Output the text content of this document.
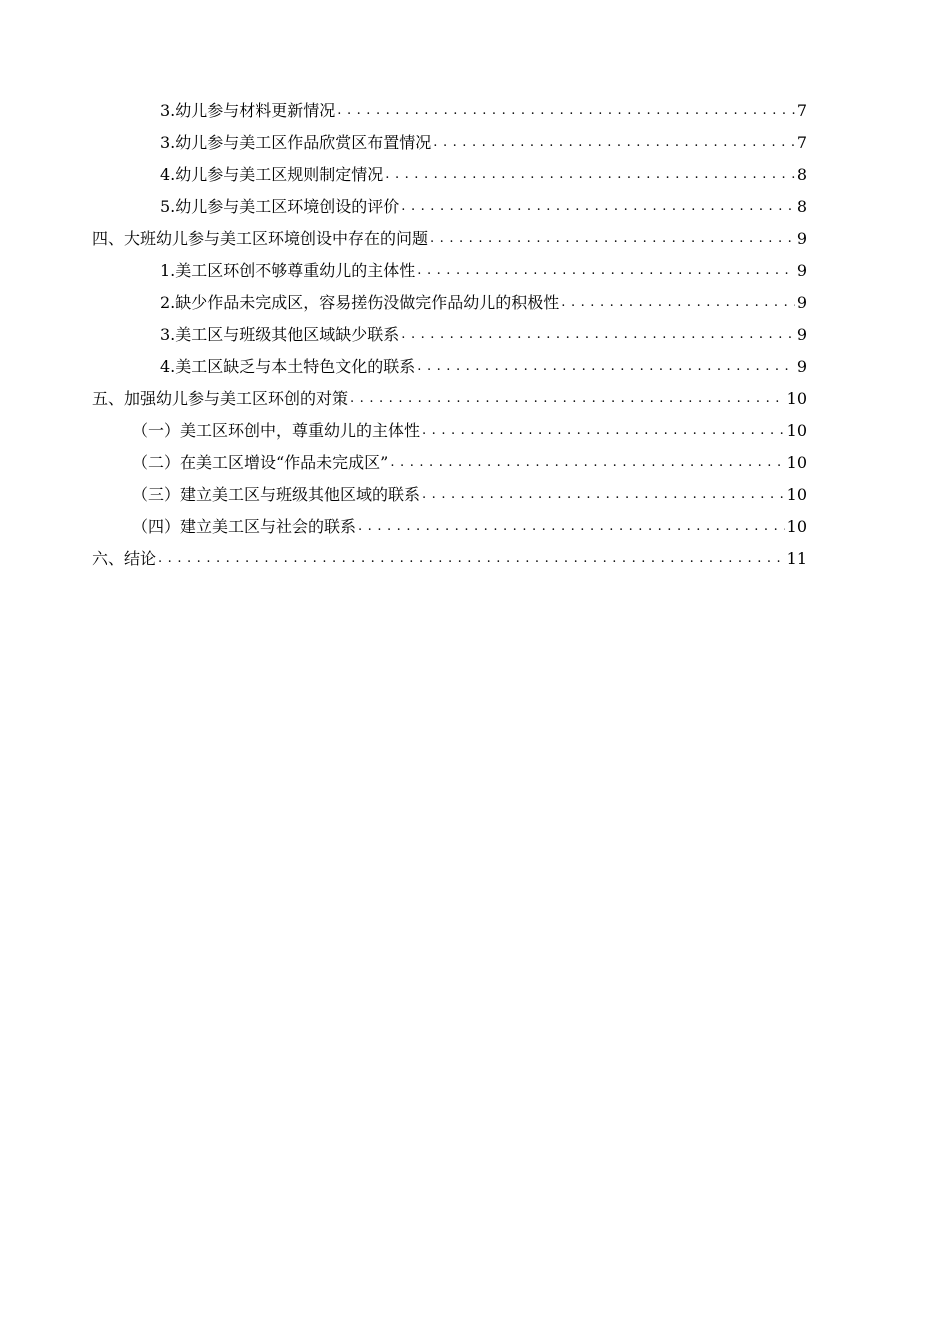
3.幼儿参与材料更新情况 . . .	7
3.幼儿参与美工区作品欣赏区布置情况 . . .	7
4.幼儿参与美工区规则制定情况 . . .	8
5.幼儿参与美工区环境创设的评价 . . .	8
四、大班幼儿参与美工区环境创设中存在的问题 . . .	9
1.美工区环创不够尊重幼儿的主体性 . . .	9
2.缺少作品未完成区，容易搓伤没做完作品幼儿的积极性 . . .	9
3.美工区与班级其他区域缺少联系 . . .	9
4.美工区缺乏与本土特色文化的联系 . . .	9
五、加强幼儿参与美工区环创的对策 . . .	10
（一）美工区环创中，尊重幼儿的主体性 . . .	10
（二）在美工区增设“作品未完成区” . . .	10
（三）建立美工区与班级其他区域的联系 . . .	10
（四）建立美工区与社会的联系 . . .	10
六、结论 . . .	11
